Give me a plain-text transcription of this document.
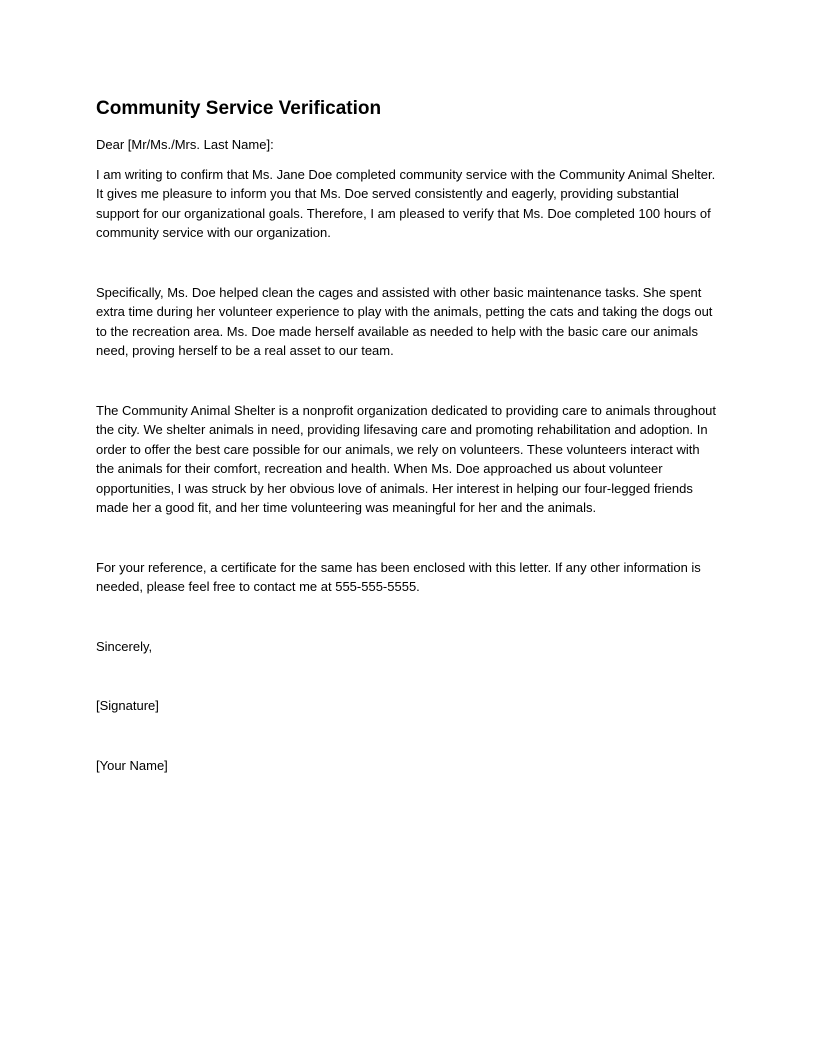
Community Service Verification
Dear [Mr/Ms./Mrs. Last Name]:

I am writing to confirm that Ms. Jane Doe completed community service with the Community Animal Shelter. It gives me pleasure to inform you that Ms. Doe served consistently and eagerly, providing substantial support for our organizational goals. Therefore, I am pleased to verify that Ms. Doe completed 100 hours of community service with our organization.

Specifically, Ms. Doe helped clean the cages and assisted with other basic maintenance tasks. She spent extra time during her volunteer experience to play with the animals, petting the cats and taking the dogs out to the recreation area. Ms. Doe made herself available as needed to help with the basic care our animals need, proving herself to be a real asset to our team.

The Community Animal Shelter is a nonprofit organization dedicated to providing care to animals throughout the city. We shelter animals in need, providing lifesaving care and promoting rehabilitation and adoption. In order to offer the best care possible for our animals, we rely on volunteers. These volunteers interact with the animals for their comfort, recreation and health. When Ms. Doe approached us about volunteer opportunities, I was struck by her obvious love of animals. Her interest in helping our four-legged friends made her a good fit, and her time volunteering was meaningful for her and the animals.

For your reference, a certificate for the same has been enclosed with this letter. If any other information is needed, please feel free to contact me at 555-555-5555.

Sincerely,

[Signature]

[Your Name]
